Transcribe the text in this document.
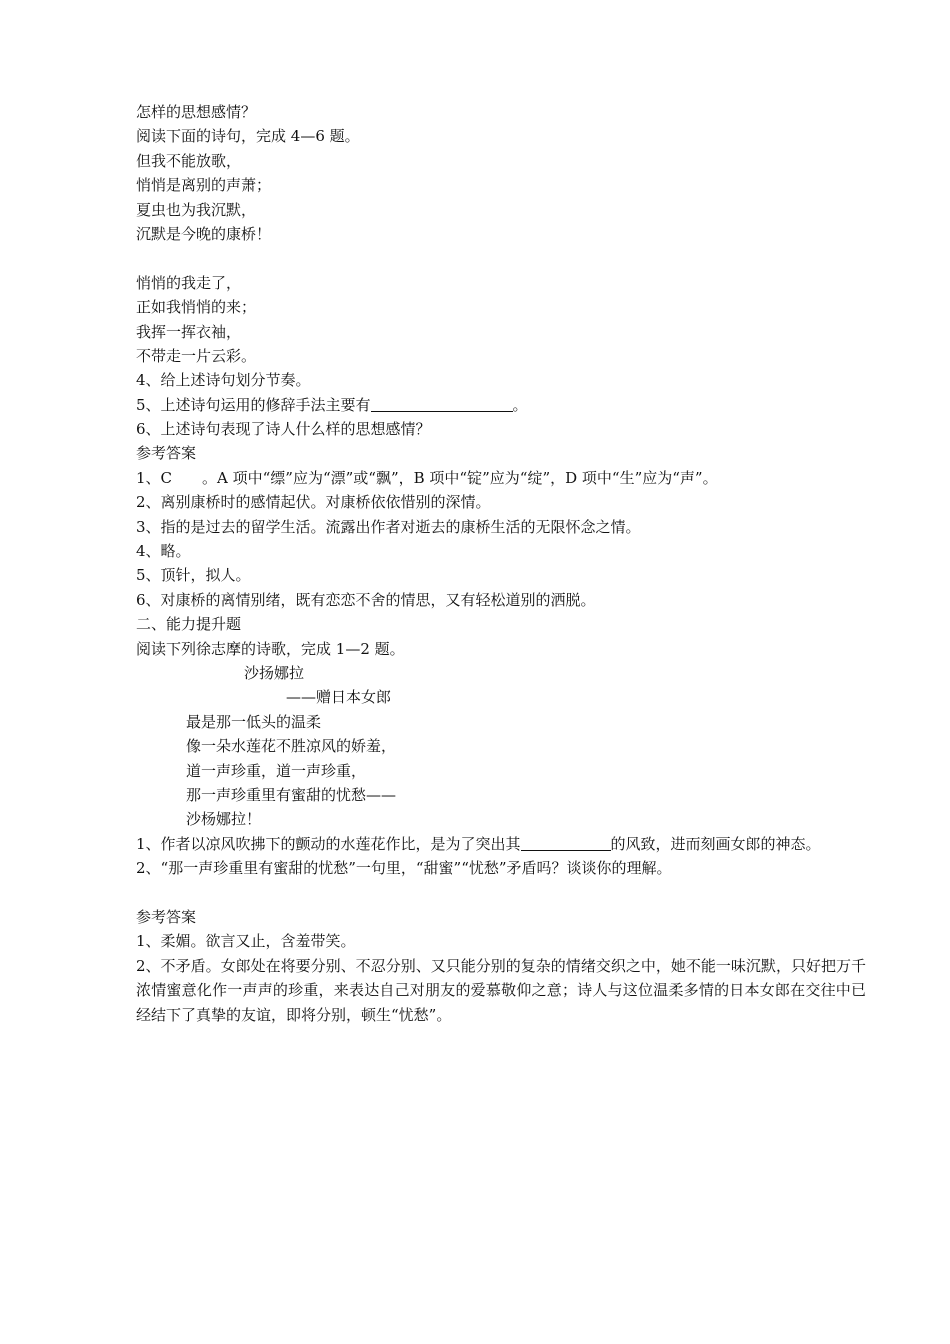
怎样的思想感情？
阅读下面的诗句，完成 4—6 题。
但我不能放歌，
悄悄是离别的声萧；
夏虫也为我沉默，
沉默是今晚的康桥！
悄悄的我走了，
正如我悄悄的来；
我挥一挥衣袖，
不带走一片云彩。
4、给上述诗句划分节奏。
5、上述诗句运用的修辞手法主要有	。
6、上述诗句表现了诗人什么样的思想感情？
参考答案
1、C 。A 项中“缥”应为“漂”或“飘”，B 项中“锭”应为“绽”，D 项中“生”应为“声”。
2、离别康桥时的感情起伏。对康桥依依惜别的深情。
3、指的是过去的留学生活。流露出作者对逝去的康桥生活的无限怀念之情。
4、略。
5、顶针，拟人。
6、对康桥的离情别绪，既有恋恋不舍的情思，又有轻松道别的洒脱。
二、能力提升题
阅读下列徐志摩的诗歌，完成 1—2 题。
沙扬娜拉
——赠日本女郎
最是那一低头的温柔
像一朵水莲花不胜凉风的娇羞，
道一声珍重，道一声珍重，
那一声珍重里有蜜甜的忧愁——
沙杨娜拉！
1、作者以凉风吹拂下的颤动的水莲花作比，是为了突出其	的风致，进而刻画女郎的神态。
2、“那一声珍重里有蜜甜的忧愁”一句里，“甜蜜”“忧愁”矛盾吗？谈谈你的理解。
参考答案
1、柔媚。欲言又止，含羞带笑。
2、不矛盾。女郎处在将要分别、不忍分别、又只能分别的复杂的情绪交织之中，她不能一味沉默，只好把万千浓情蜜意化作一声声的珍重，来表达自己对朋友的爱慕敬仰之意；诗人与这位温柔多情的日本女郎在交往中已经结下了真挚的友谊，即将分别，顿生“忧愁”。
